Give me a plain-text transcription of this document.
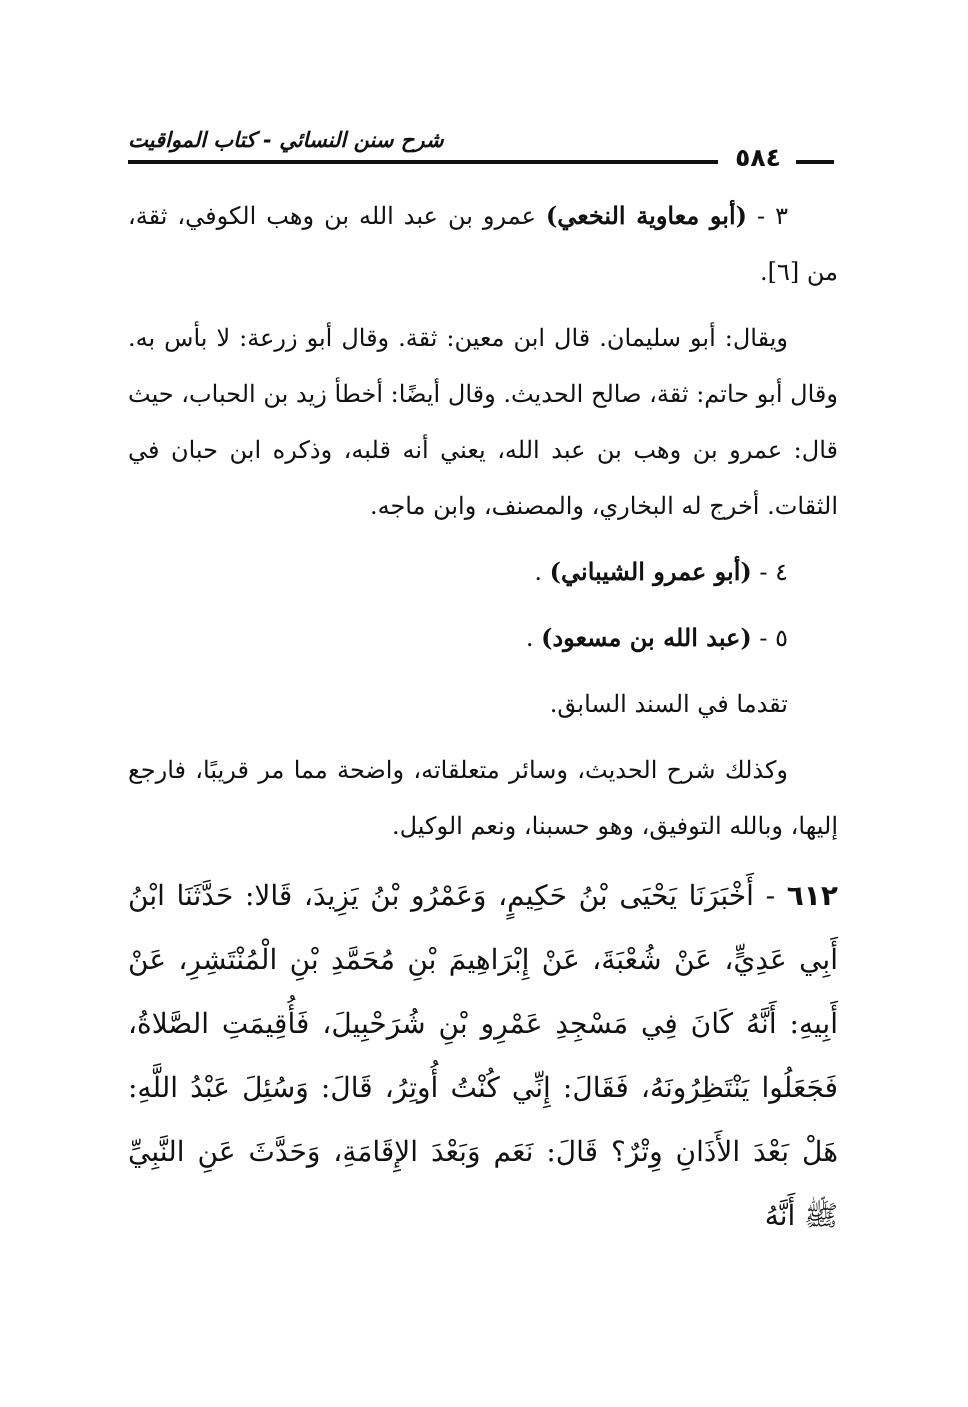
شرح سنن النسائي - كتاب المواقيت
٥٨٤

٣ - (أبو معاوية النخعي) عمرو بن عبد الله بن وهب الكوفي، ثقة، من [٦].

ويقال: أبو سليمان. قال ابن معين: ثقة. وقال أبو زرعة: لا بأس به. وقال أبو حاتم: ثقة، صالح الحديث. وقال أيضًا: أخطأ زيد بن الحباب، حيث قال: عمرو بن وهب بن عبد الله، يعني أنه قلبه، وذكره ابن حبان في الثقات. أخرج له البخاري، والمصنف، وابن ماجه.

٤ - (أبو عمرو الشيباني) .

٥ - (عبد الله بن مسعود) .

تقدما في السند السابق.

وكذلك شرح الحديث، وسائر متعلقاته، واضحة مما مر قريبًا، فارجع إليها، وبالله التوفيق، وهو حسبنا، ونعم الوكيل.

٦١٢ - أَخْبَرَنَا يَحْيَى بْنُ حَكِيمٍ، وَعَمْرُو بْنُ يَزِيدَ، قَالا: حَدَّثَنَا ابْنُ أَبِي عَدِيٍّ، عَنْ شُعْبَةَ، عَنْ إِبْرَاهِيمَ بْنِ مُحَمَّدِ بْنِ الْمُنْتَشِرِ، عَنْ أَبِيهِ: أَنَّهُ كَانَ فِي مَسْجِدِ عَمْرِو بْنِ شُرَحْبِيلَ، فَأُقِيمَتِ الصَّلاةُ، فَجَعَلُوا يَنْتَظِرُونَهُ، فَقَالَ: إِنِّي كُنْتُ أُوتِرُ، قَالَ: وَسُئِلَ عَبْدُ اللَّهِ: هَلْ بَعْدَ الأَذَانِ وِتْرٌ؟ قَالَ: نَعَم وَبَعْدَ الإِقَامَةِ، وَحَدَّثَ عَنِ النَّبِيِّ ﷺ أَنَّهُ
